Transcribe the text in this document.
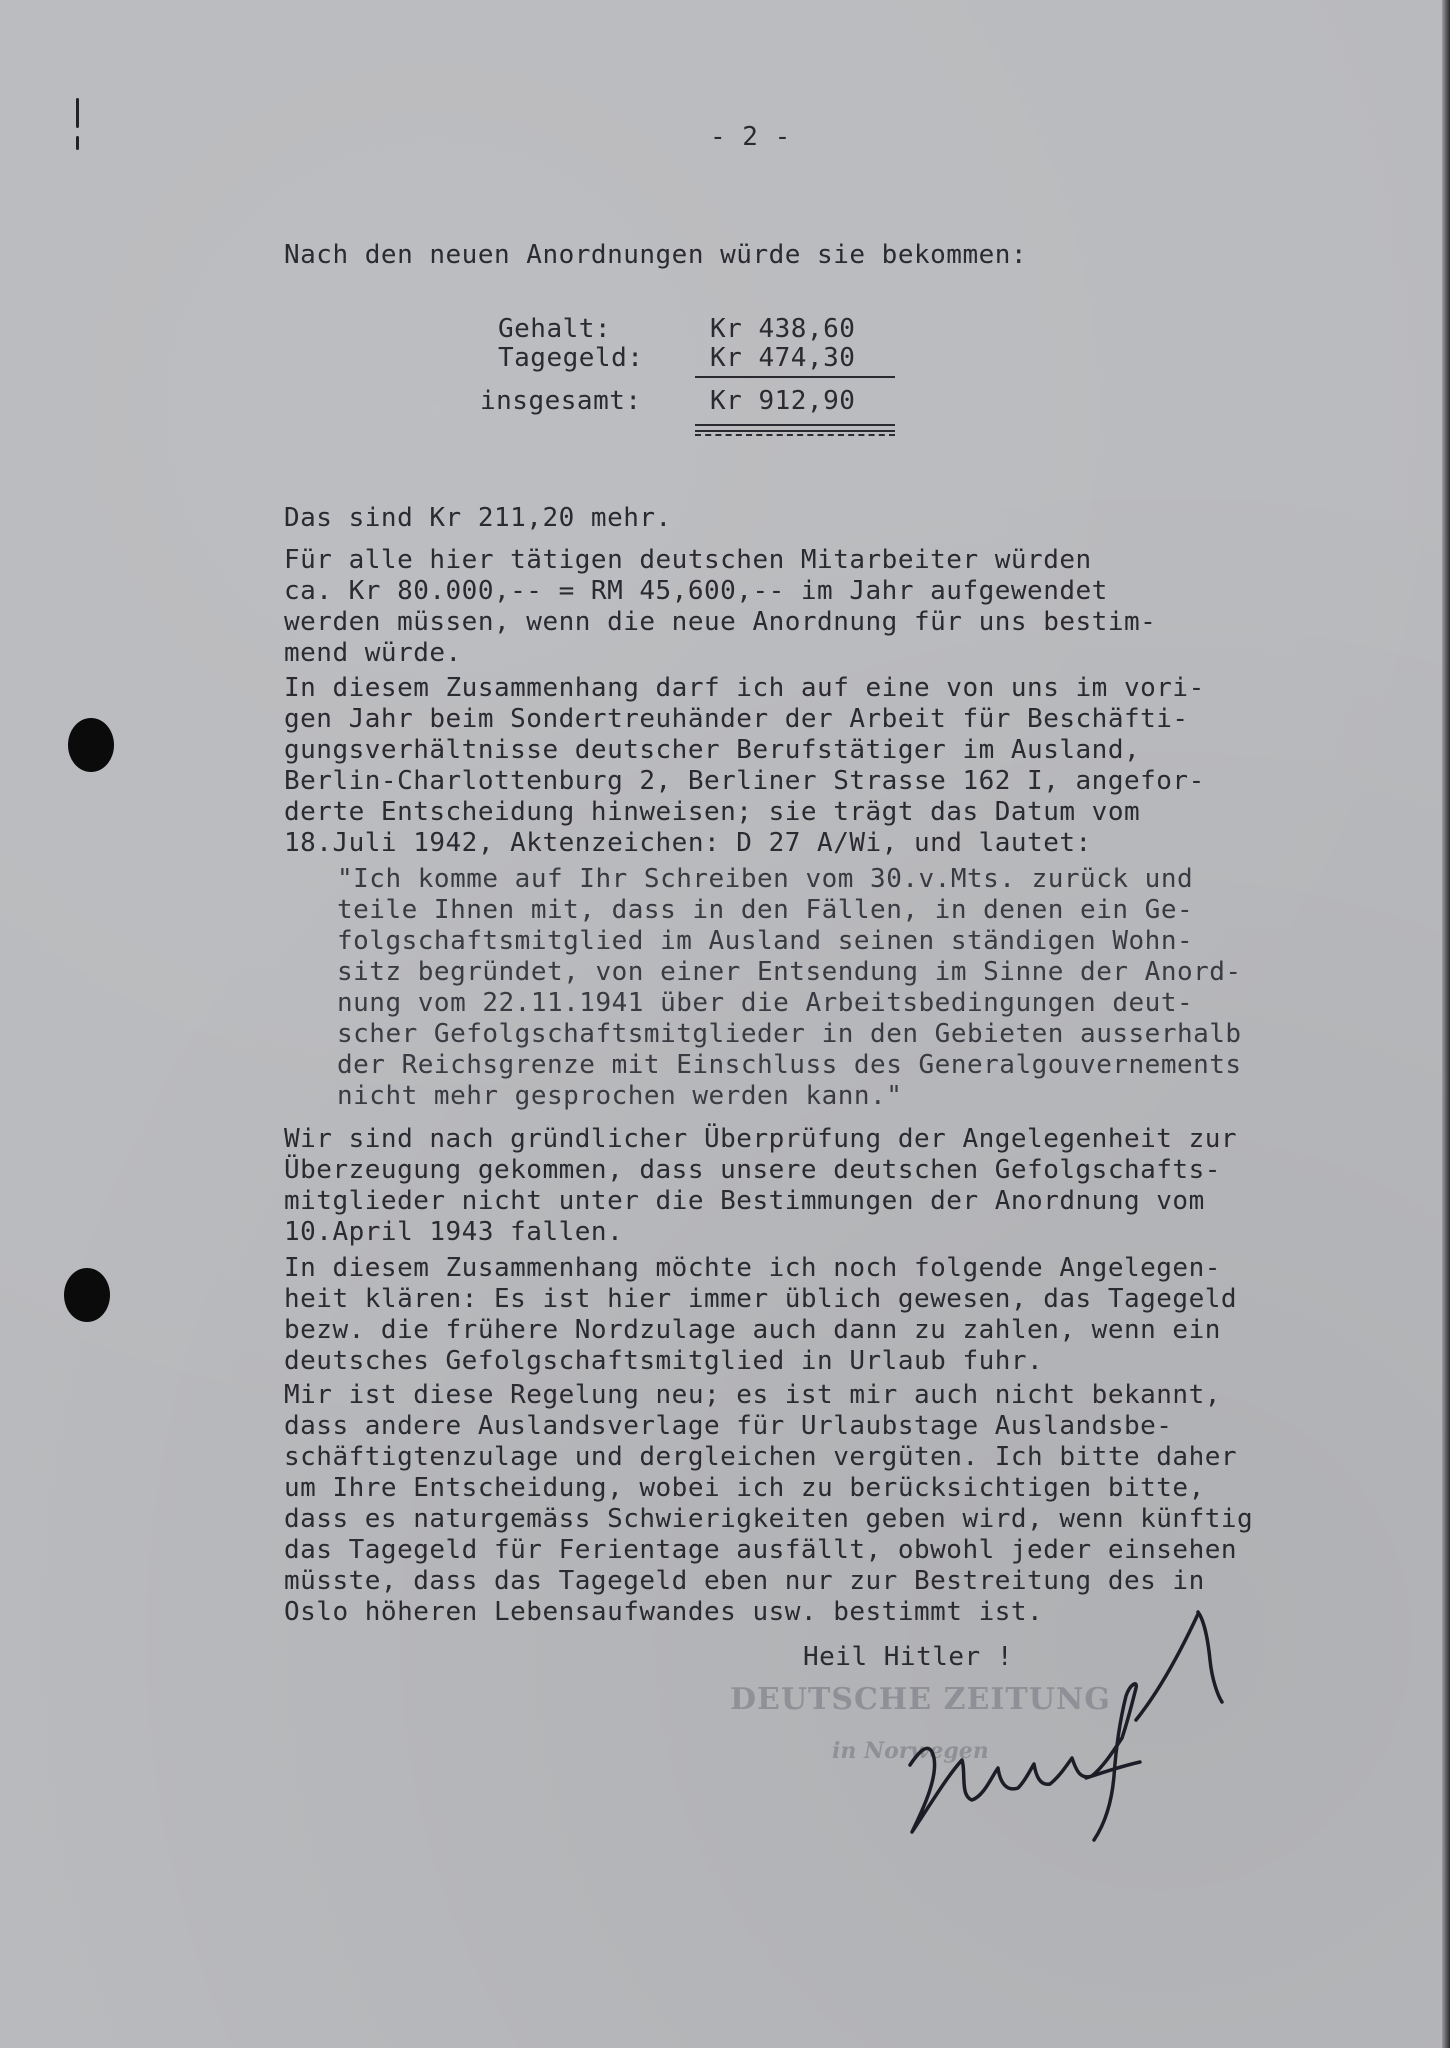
- 2 -

Nach den neuen Anordnungen würde sie bekommen:

Gehalt:	Kr 438,60

Tagegeld:	Kr 474,30

insgesamt:	Kr 912,90

Das sind Kr 211,20 mehr.

Für alle hier tätigen deutschen Mitarbeiter würden
ca. Kr 80.000,-- = RM 45,600,-- im Jahr aufgewendet
werden müssen, wenn die neue Anordnung für uns bestim-
mend würde.
In diesem Zusammenhang darf ich auf eine von uns im vori-
gen Jahr beim Sondertreuhänder der Arbeit für Beschäfti-
gungsverhältnisse deutscher Berufstätiger im Ausland,
Berlin-Charlottenburg 2, Berliner Strasse 162 I, angefor-
derte Entscheidung hinweisen; sie trägt das Datum vom
18.Juli 1942, Aktenzeichen: D 27 A/Wi, und lautet:
"Ich komme auf Ihr Schreiben vom 30.v.Mts. zurück und
teile Ihnen mit, dass in den Fällen, in denen ein Ge-
folgschaftsmitglied im Ausland seinen ständigen Wohn-
sitz begründet, von einer Entsendung im Sinne der Anord-
nung vom 22.11.1941 über die Arbeitsbedingungen deut-
scher Gefolgschaftsmitglieder in den Gebieten ausserhalb
der Reichsgrenze mit Einschluss des Generalgouvernements
nicht mehr gesprochen werden kann."
Wir sind nach gründlicher Überprüfung der Angelegenheit zur
Überzeugung gekommen, dass unsere deutschen Gefolgschafts-
mitglieder nicht unter die Bestimmungen der Anordnung vom
10.April 1943 fallen.
In diesem Zusammenhang möchte ich noch folgende Angelegen-
heit klären: Es ist hier immer üblich gewesen, das Tagegeld
bezw. die frühere Nordzulage auch dann zu zahlen, wenn ein
deutsches Gefolgschaftsmitglied in Urlaub fuhr.
Mir ist diese Regelung neu; es ist mir auch nicht bekannt,
dass andere Auslandsverlage für Urlaubstage Auslandsbe-
schäftigtenzulage und dergleichen vergüten. Ich bitte daher
um Ihre Entscheidung, wobei ich zu berücksichtigen bitte,
dass es naturgemäss Schwierigkeiten geben wird, wenn künftig
das Tagegeld für Ferientage ausfällt, obwohl jeder einsehen
müsste, dass das Tagegeld eben nur zur Bestreitung des in
Oslo höheren Lebensaufwandes usw. bestimmt ist.

Heil Hitler !

DEUTSCHE ZEITUNG

in Norwegen
